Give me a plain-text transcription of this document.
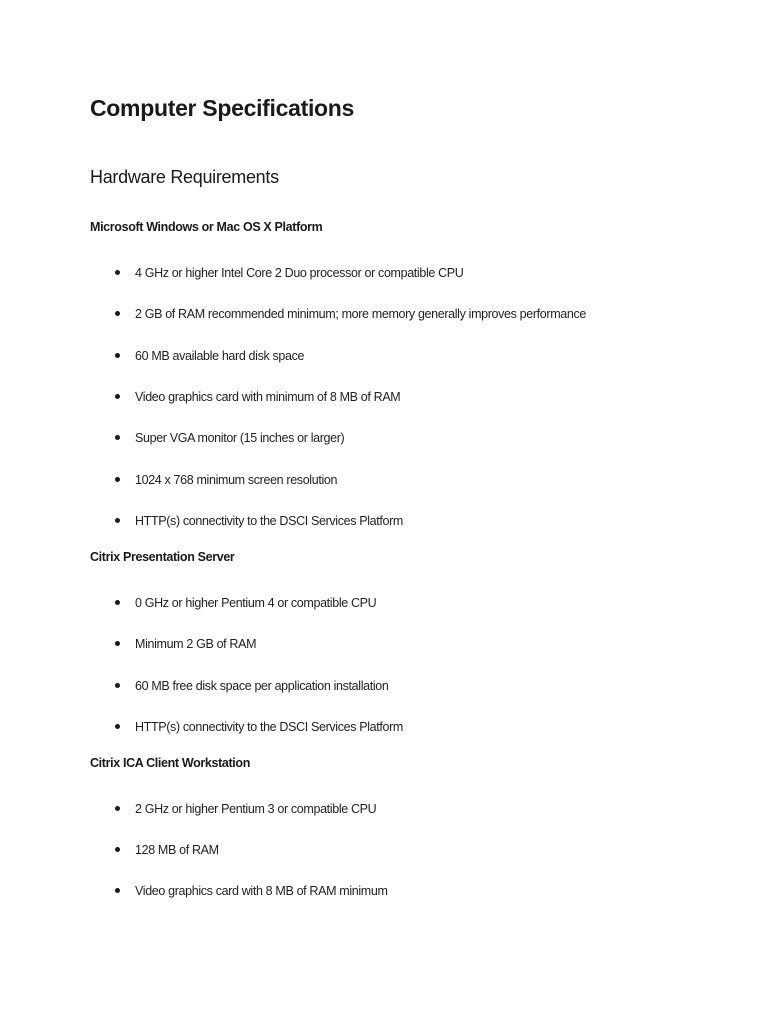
Computer Specifications
Hardware Requirements
Microsoft Windows or Mac OS X Platform
4 GHz or higher Intel Core 2 Duo processor or compatible CPU
2 GB of RAM recommended minimum; more memory generally improves performance
60 MB available hard disk space
Video graphics card with minimum of 8 MB of RAM
Super VGA monitor (15 inches or larger)
1024 x 768 minimum screen resolution
HTTP(s) connectivity to the DSCI Services Platform
Citrix Presentation Server
0 GHz or higher Pentium 4 or compatible CPU
Minimum 2 GB of RAM
60 MB free disk space per application installation
HTTP(s) connectivity to the DSCI Services Platform
Citrix ICA Client Workstation
2 GHz or higher Pentium 3 or compatible CPU
128 MB of RAM
Video graphics card with 8 MB of RAM minimum
